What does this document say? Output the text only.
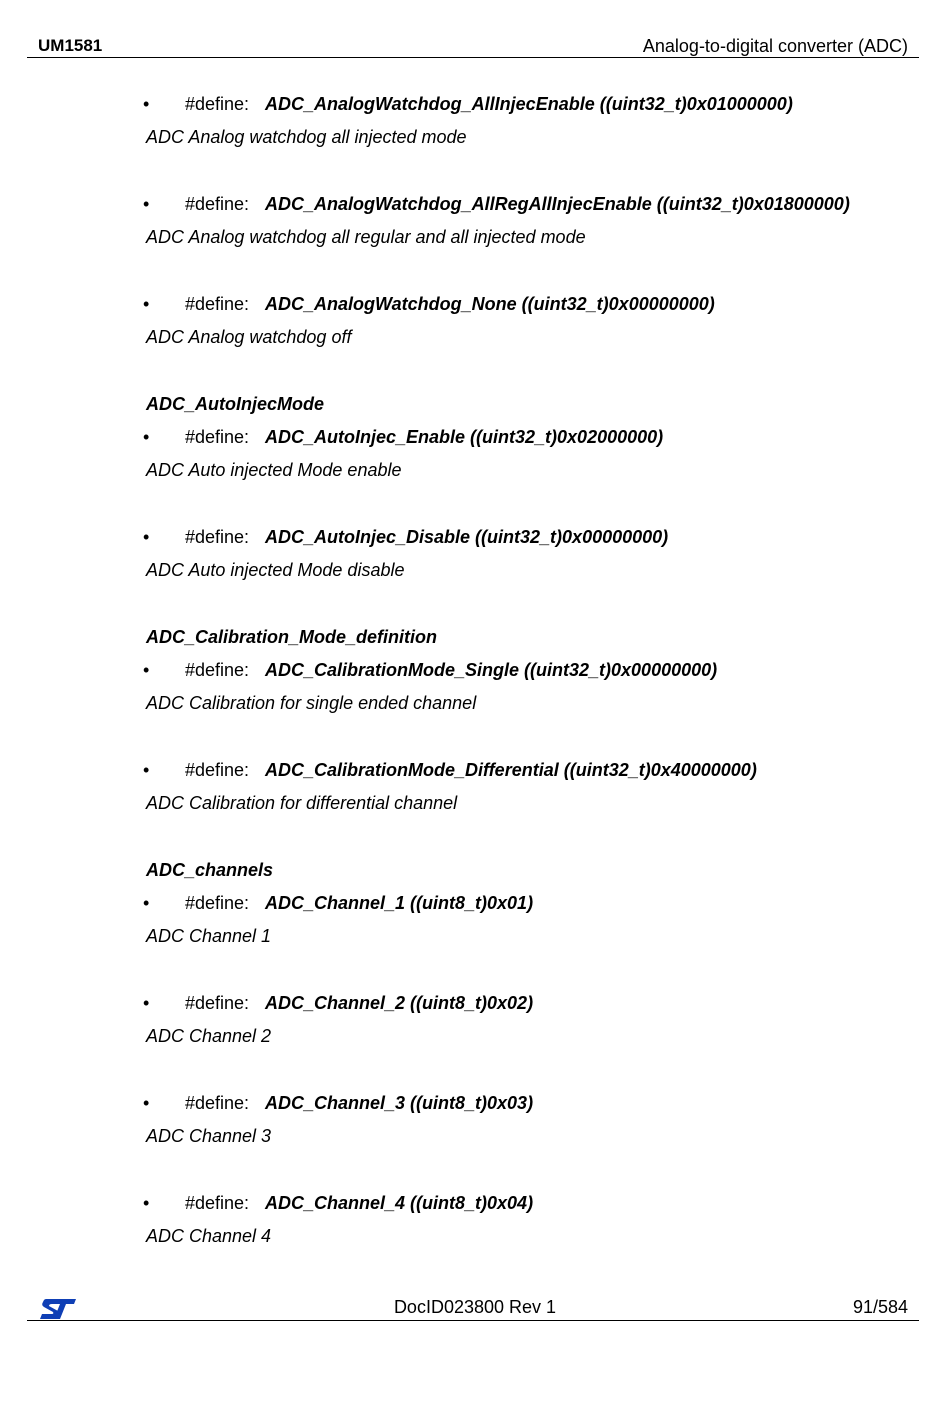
UM1581	Analog-to-digital converter (ADC)
• #define: ADC_AnalogWatchdog_AllInjecEnable ((uint32_t)0x01000000)
ADC Analog watchdog all injected mode
• #define: ADC_AnalogWatchdog_AllRegAllInjecEnable ((uint32_t)0x01800000)
ADC Analog watchdog all regular and all injected mode
• #define: ADC_AnalogWatchdog_None ((uint32_t)0x00000000)
ADC Analog watchdog off
ADC_AutoInjecMode
• #define: ADC_AutoInjec_Enable ((uint32_t)0x02000000)
ADC Auto injected Mode enable
• #define: ADC_AutoInjec_Disable ((uint32_t)0x00000000)
ADC Auto injected Mode disable
ADC_Calibration_Mode_definition
• #define: ADC_CalibrationMode_Single ((uint32_t)0x00000000)
ADC Calibration for single ended channel
• #define: ADC_CalibrationMode_Differential ((uint32_t)0x40000000)
ADC Calibration for differential channel
ADC_channels
• #define: ADC_Channel_1 ((uint8_t)0x01)
ADC Channel 1
• #define: ADC_Channel_2 ((uint8_t)0x02)
ADC Channel 2
• #define: ADC_Channel_3 ((uint8_t)0x03)
ADC Channel 3
• #define: ADC_Channel_4 ((uint8_t)0x04)
ADC Channel 4
DocID023800 Rev 1	91/584
